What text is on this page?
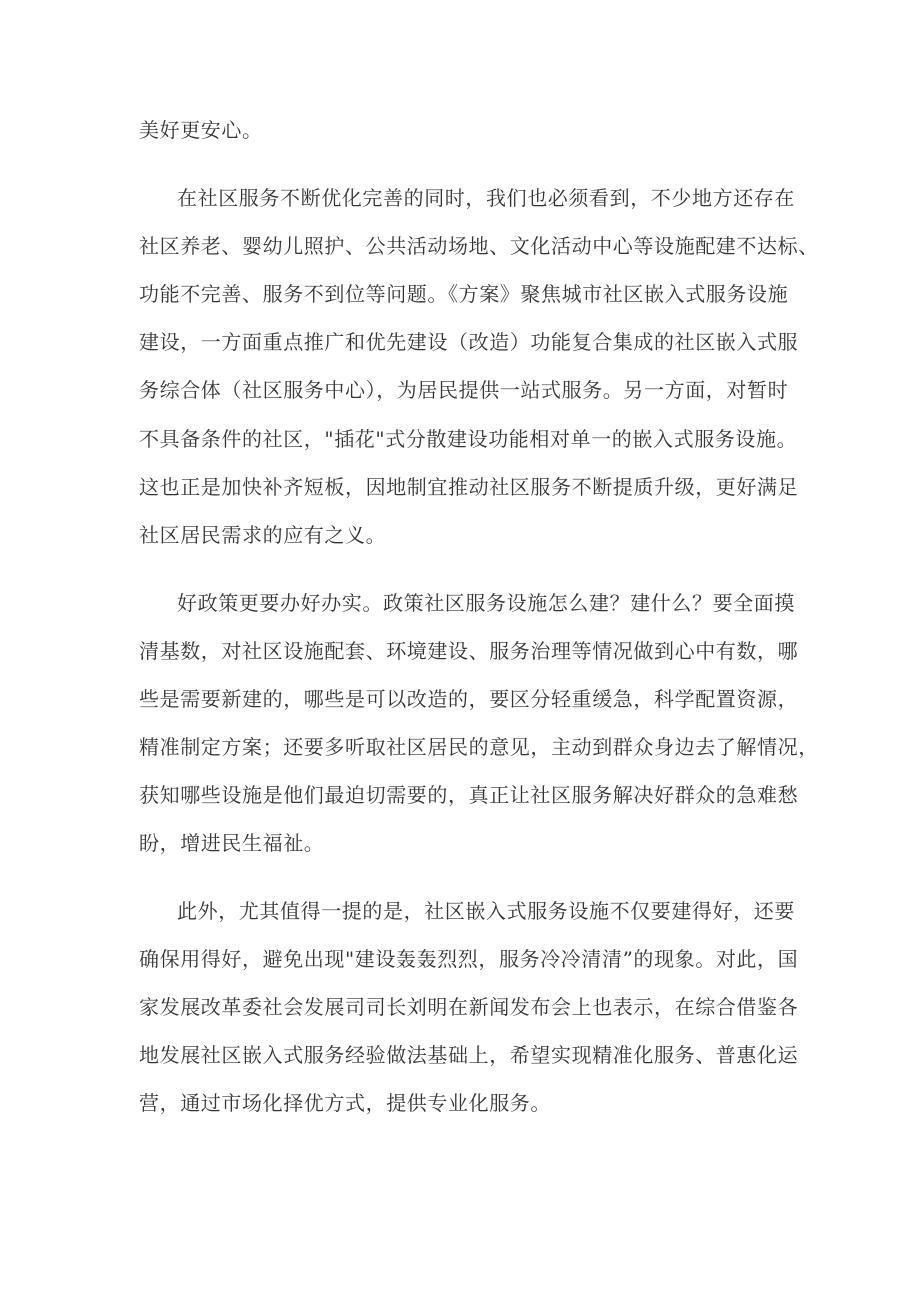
美好更安心。
在社区服务不断优化完善的同时，我们也必须看到，不少地方还存在
社区养老、婴幼儿照护、公共活动场地、文化活动中心等设施配建不达标、
功能不完善、服务不到位等问题。《方案》聚焦城市社区嵌入式服务设施
建设，一方面重点推广和优先建设（改造）功能复合集成的社区嵌入式服
务综合体（社区服务中心），为居民提供一站式服务。另一方面，对暂时
不具备条件的社区，"插花"式分散建设功能相对单一的嵌入式服务设施。
这也正是加快补齐短板，因地制宜推动社区服务不断提质升级，更好满足
社区居民需求的应有之义。
好政策更要办好办实。政策社区服务设施怎么建？建什么？要全面摸
清基数，对社区设施配套、环境建设、服务治理等情况做到心中有数，哪
些是需要新建的，哪些是可以改造的，要区分轻重缓急，科学配置资源，
精准制定方案；还要多听取社区居民的意见，主动到群众身边去了解情况，
获知哪些设施是他们最迫切需要的，真正让社区服务解决好群众的急难愁
盼，增进民生福祉。
此外，尤其值得一提的是，社区嵌入式服务设施不仅要建得好，还要
确保用得好，避免出现"建设轰轰烈烈，服务冷冷清清”的现象。对此，国
家发展改革委社会发展司司长刘明在新闻发布会上也表示，在综合借鉴各
地发展社区嵌入式服务经验做法基础上，希望实现精准化服务、普惠化运
营，通过市场化择优方式，提供专业化服务。
